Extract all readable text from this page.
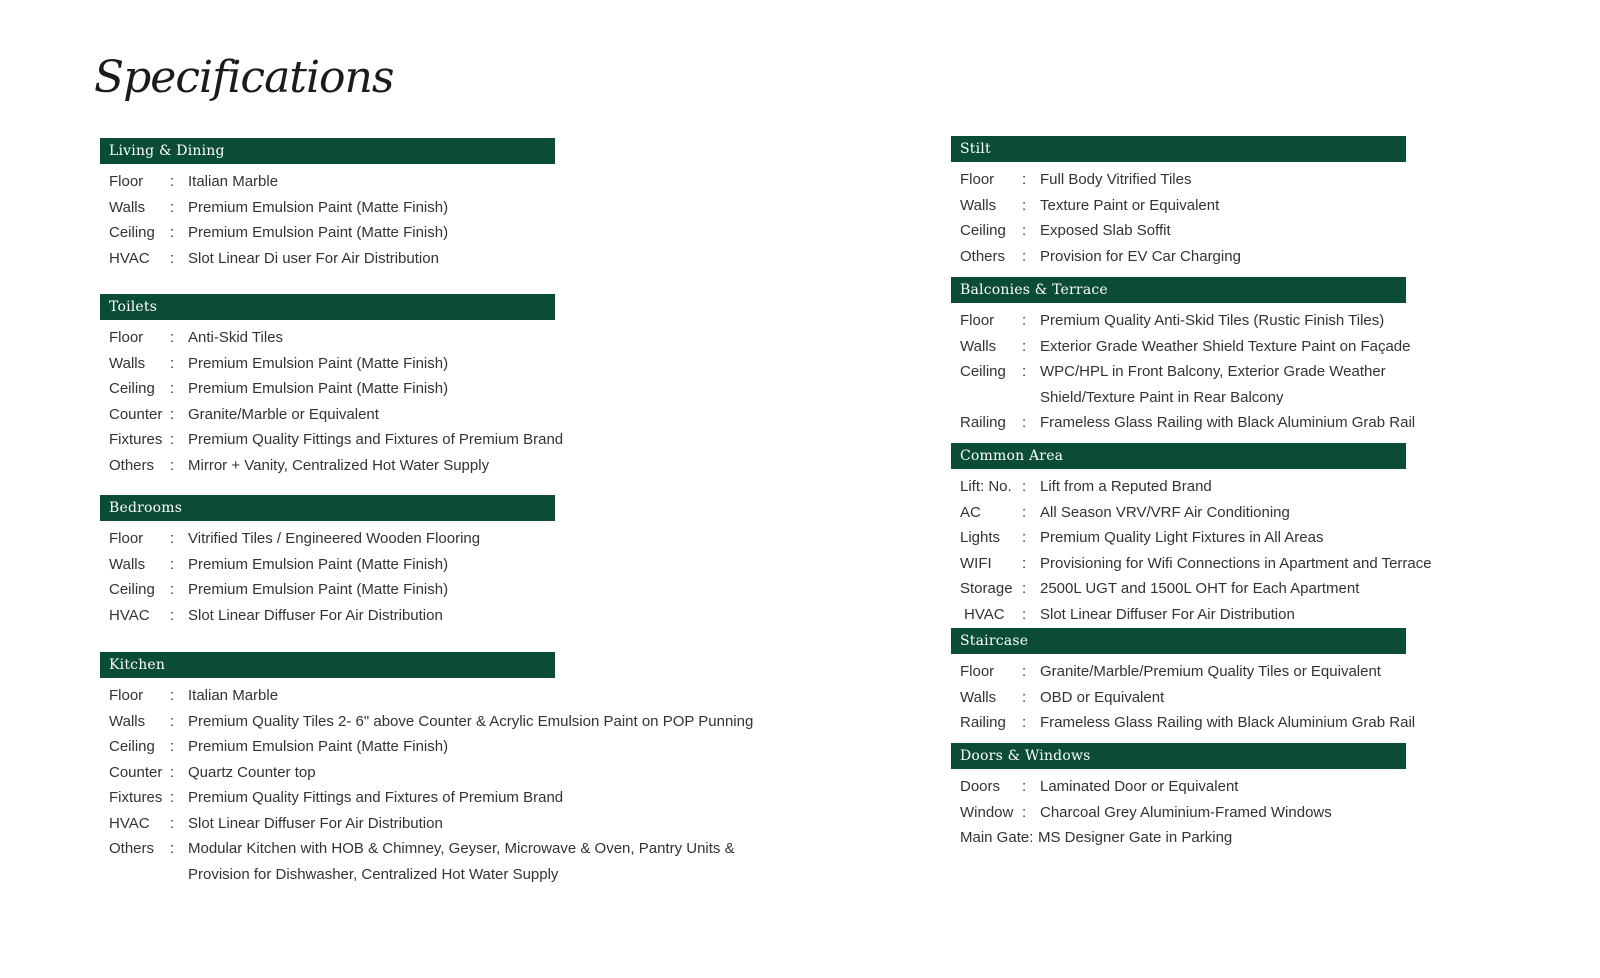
Specifications
Living & Dining
Floor	: Italian Marble
Walls	: Premium Emulsion Paint (Matte Finish)
Ceiling	: Premium Emulsion Paint (Matte Finish)
HVAC	: Slot Linear Di user For Air Distribution
Toilets
Floor	: Anti-Skid Tiles
Walls	: Premium Emulsion Paint (Matte Finish)
Ceiling	: Premium Emulsion Paint (Matte Finish)
Counter : Granite/Marble or Equivalent
Fixtures : Premium Quality Fittings and Fixtures of Premium Brand
Others	: Mirror + Vanity, Centralized Hot Water Supply
Bedrooms
Floor	: Vitrified Tiles / Engineered Wooden Flooring
Walls	: Premium Emulsion Paint (Matte Finish)
Ceiling	: Premium Emulsion Paint (Matte Finish)
HVAC	: Slot Linear Diffuser For Air Distribution
Kitchen
Floor	: Italian Marble
Walls : Premium Quality Tiles 2- 6" above Counter & Acrylic Emulsion Paint on POP Punning
Ceiling	: Premium Emulsion Paint (Matte Finish)
Counter : Quartz Counter top
Fixtures : Premium Quality Fittings and Fixtures of Premium Brand
HVAC	: Slot Linear Diffuser For Air Distribution
Others	: Modular Kitchen with HOB & Chimney, Geyser, Microwave & Oven, Pantry Units & Provision for Dishwasher, Centralized Hot Water Supply
Stilt
Floor	: Full Body Vitrified Tiles
Walls	: Texture Paint or Equivalent
Ceiling	: Exposed Slab Soffit
Others	: Provision for EV Car Charging
Balconies & Terrace
Floor	: Premium Quality Anti-Skid Tiles (Rustic Finish Tiles)
Walls	: Exterior Grade Weather Shield Texture Paint on Façade
Ceiling	: WPC/HPL in Front Balcony, Exterior Grade Weather Shield/Texture Paint in Rear Balcony
Railing	: Frameless Glass Railing with Black Aluminium Grab Rail
Common Area
Lift: No. : Lift from a Reputed Brand
AC	: All Season VRV/VRF Air Conditioning
Lights	: Premium Quality Light Fixtures in All Areas
WIFI	: Provisioning for Wifi Connections in Apartment and Terrace
Storage : 2500L UGT and 1500L OHT for Each Apartment
HVAC	: Slot Linear Diffuser For Air Distribution
Staircase
Floor	: Granite/Marble/Premium Quality Tiles or Equivalent
Walls	: OBD or Equivalent
Railing	: Frameless Glass Railing with Black Aluminium Grab Rail
Doors & Windows
Doors	: Laminated Door or Equivalent
Window : Charcoal Grey Aluminium-Framed Windows
Main Gate: MS Designer Gate in Parking
